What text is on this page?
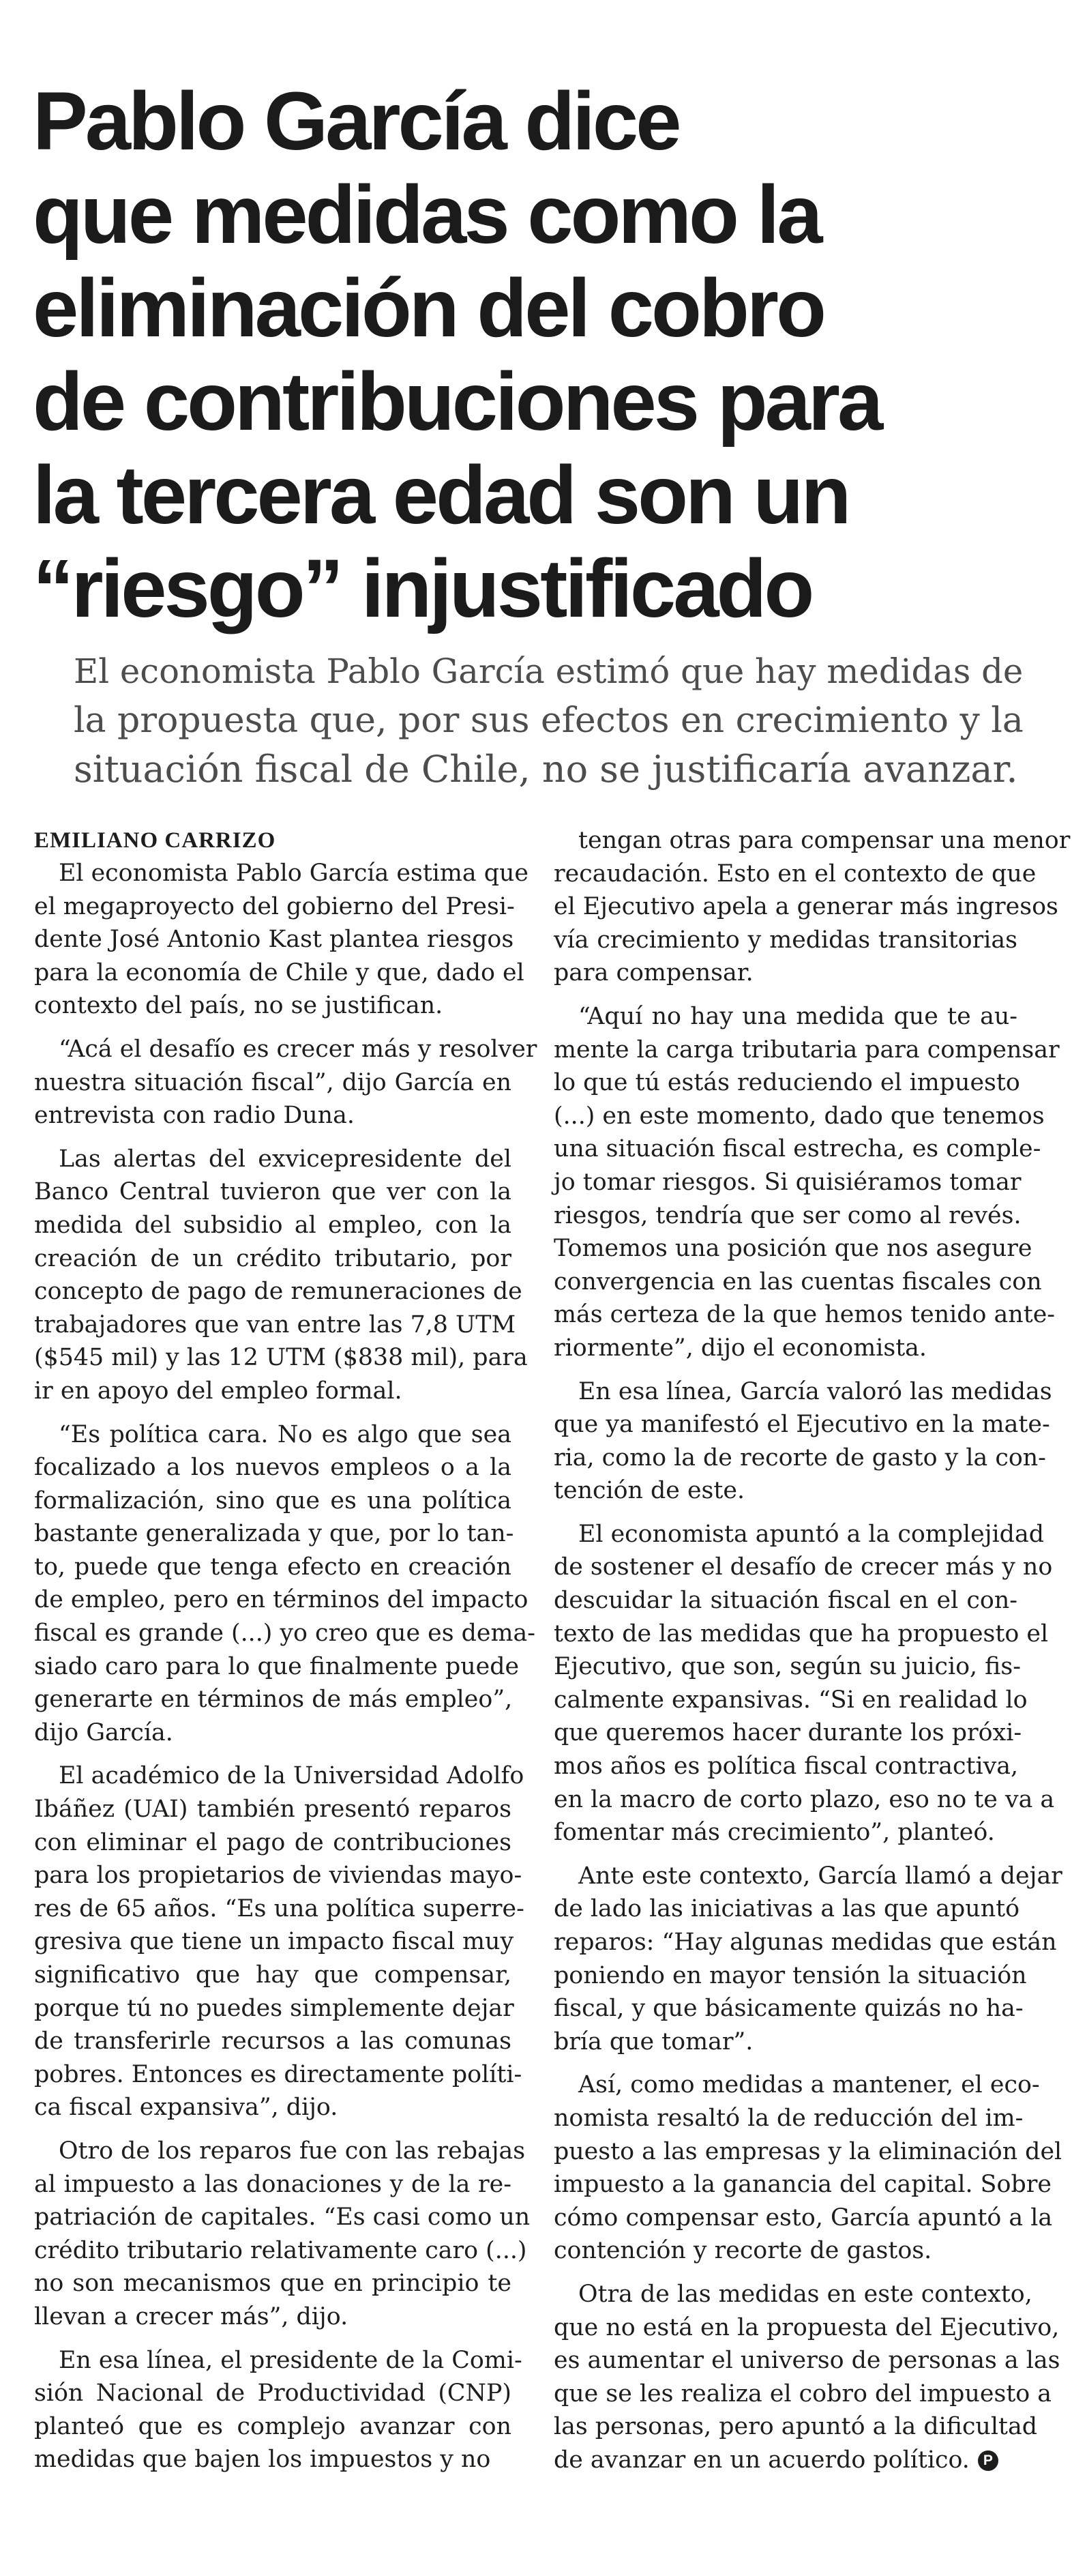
Pablo García dice
que medidas como la
eliminación del cobro
de contribuciones para
la tercera edad son un
“riesgo” injustificado
El economista Pablo García estimó que hay medidas de
la propuesta que, por sus efectos en crecimiento y la
situación fiscal de Chile, no se justificaría avanzar.
EMILIANO CARRIZO

El economista Pablo García estima que
el megaproyecto del gobierno del Presi-
dente José Antonio Kast plantea riesgos
para la economía de Chile y que, dado el
contexto del país, no se justifican.

“Acá el desafío es crecer más y resolver
nuestra situación fiscal”, dijo García en
entrevista con radio Duna.

Las alertas del exvicepresidente del
Banco Central tuvieron que ver con la
medida del subsidio al empleo, con la
creación de un crédito tributario, por
concepto de pago de remuneraciones de
trabajadores que van entre las 7,8 UTM
($545 mil) y las 12 UTM ($838 mil), para
ir en apoyo del empleo formal.

“Es política cara. No es algo que sea
focalizado a los nuevos empleos o a la
formalización, sino que es una política
bastante generalizada y que, por lo tan-
to, puede que tenga efecto en creación
de empleo, pero en términos del impacto
fiscal es grande (...) yo creo que es dema-
siado caro para lo que finalmente puede
generarte en términos de más empleo”,
dijo García.

El académico de la Universidad Adolfo
Ibáñez (UAI) también presentó reparos
con eliminar el pago de contribuciones
para los propietarios de viviendas mayo-
res de 65 años. “Es una política superre-
gresiva que tiene un impacto fiscal muy
significativo que hay que compensar,
porque tú no puedes simplemente dejar
de transferirle recursos a las comunas
pobres. Entonces es directamente políti-
ca fiscal expansiva”, dijo.

Otro de los reparos fue con las rebajas
al impuesto a las donaciones y de la re-
patriación de capitales. “Es casi como un
crédito tributario relativamente caro (...)
no son mecanismos que en principio te
llevan a crecer más”, dijo.

En esa línea, el presidente de la Comi-
sión Nacional de Productividad (CNP)
planteó que es complejo avanzar con
medidas que bajen los impuestos y no

tengan otras para compensar una menor
recaudación. Esto en el contexto de que
el Ejecutivo apela a generar más ingresos
vía crecimiento y medidas transitorias
para compensar.

“Aquí no hay una medida que te au-
mente la carga tributaria para compensar
lo que tú estás reduciendo el impuesto
(...) en este momento, dado que tenemos
una situación fiscal estrecha, es comple-
jo tomar riesgos. Si quisiéramos tomar
riesgos, tendría que ser como al revés.
Tomemos una posición que nos asegure
convergencia en las cuentas fiscales con
más certeza de la que hemos tenido ante-
riormente”, dijo el economista.

En esa línea, García valoró las medidas
que ya manifestó el Ejecutivo en la mate-
ria, como la de recorte de gasto y la con-
tención de este.

El economista apuntó a la complejidad
de sostener el desafío de crecer más y no
descuidar la situación fiscal en el con-
texto de las medidas que ha propuesto el
Ejecutivo, que son, según su juicio, fis-
calmente expansivas. “Si en realidad lo
que queremos hacer durante los próxi-
mos años es política fiscal contractiva,
en la macro de corto plazo, eso no te va a
fomentar más crecimiento”, planteó.

Ante este contexto, García llamó a dejar
de lado las iniciativas a las que apuntó
reparos: “Hay algunas medidas que están
poniendo en mayor tensión la situación
fiscal, y que básicamente quizás no ha-
bría que tomar”.

Así, como medidas a mantener, el eco-
nomista resaltó la de reducción del im-
puesto a las empresas y la eliminación del
impuesto a la ganancia del capital. Sobre
cómo compensar esto, García apuntó a la
contención y recorte de gastos.

Otra de las medidas en este contexto,
que no está en la propuesta del Ejecutivo,
es aumentar el universo de personas a las
que se les realiza el cobro del impuesto a
las personas, pero apuntó a la dificultad
de avanzar en un acuerdo político. P
